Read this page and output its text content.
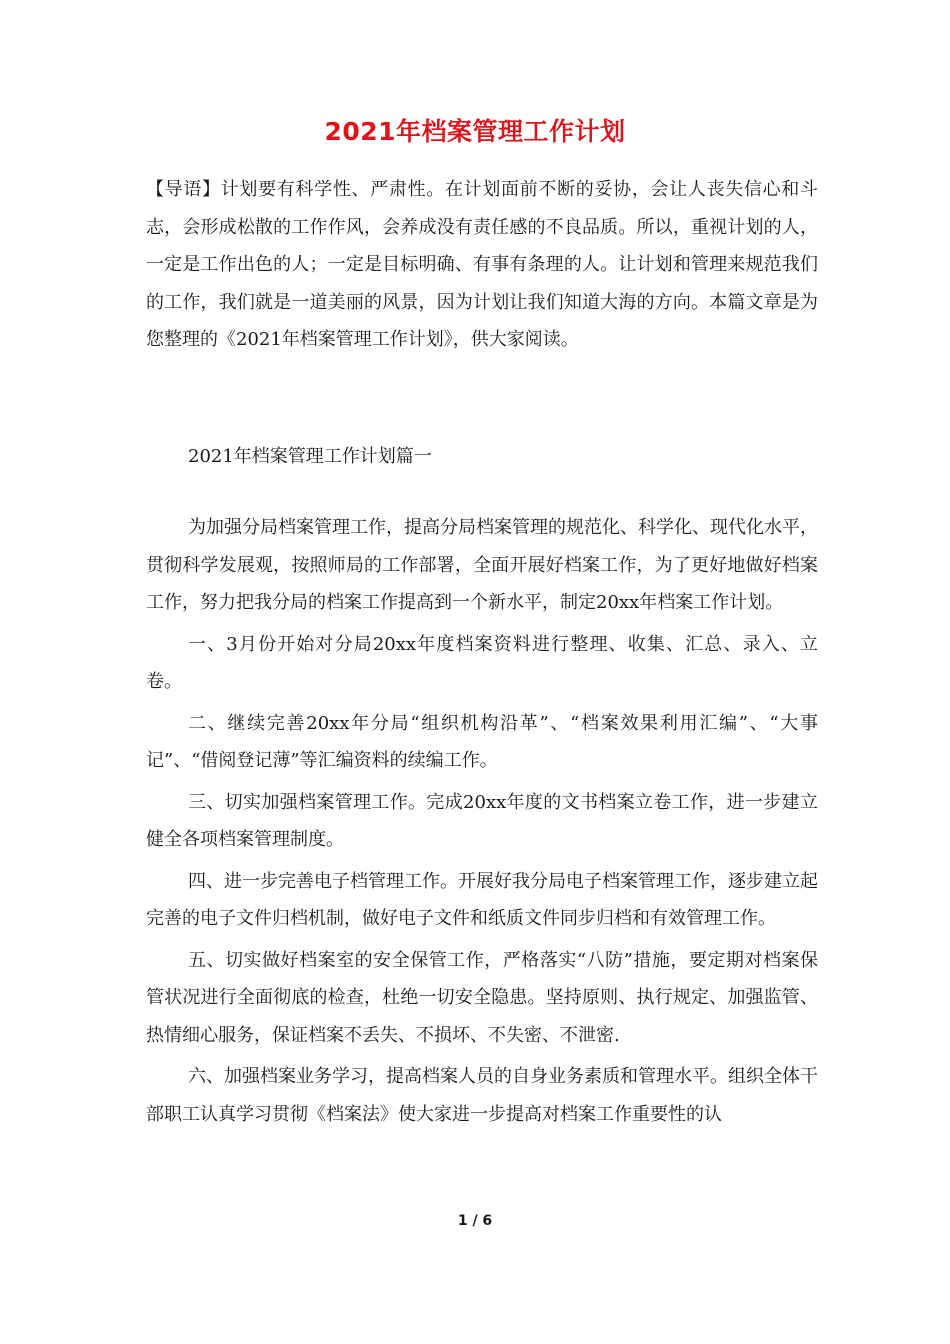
2021年档案管理工作计划

【导语】计划要有科学性、严肃性。在计划面前不断的妥协，会让人丧失信心和斗志，会形成松散的工作作风，会养成没有责任感的不良品质。所以，重视计划的人，一定是工作出色的人；一定是目标明确、有事有条理的人。让计划和管理来规范我们的工作，我们就是一道美丽的风景，因为计划让我们知道大海的方向。本篇文章是为您整理的《2021年档案管理工作计划》，供大家阅读。

2021年档案管理工作计划篇一

为加强分局档案管理工作，提高分局档案管理的规范化、科学化、现代化水平，贯彻科学发展观，按照师局的工作部署，全面开展好档案工作，为了更好地做好档案工作，努力把我分局的档案工作提高到一个新水平，制定20xx年档案工作计划。

一、3月份开始对分局20xx年度档案资料进行整理、收集、汇总、录入、立卷。

二、继续完善20xx年分局“组织机构沿革”、“档案效果利用汇编”、“大事记”、“借阅登记薄”等汇编资料的续编工作。

三、切实加强档案管理工作。完成20xx年度的文书档案立卷工作，进一步建立健全各项档案管理制度。

四、进一步完善电子档管理工作。开展好我分局电子档案管理工作，逐步建立起完善的电子文件归档机制，做好电子文件和纸质文件同步归档和有效管理工作。

五、切实做好档案室的安全保管工作，严格落实“八防”措施，要定期对档案保管状况进行全面彻底的检查，杜绝一切安全隐患。坚持原则、执行规定、加强监管、热情细心服务，保证档案不丢失、不损坏、不失密、不泄密.

六、加强档案业务学习，提高档案人员的自身业务素质和管理水平。组织全体干部职工认真学习贯彻《档案法》使大家进一步提高对档案工作重要性的认

1 / 6
